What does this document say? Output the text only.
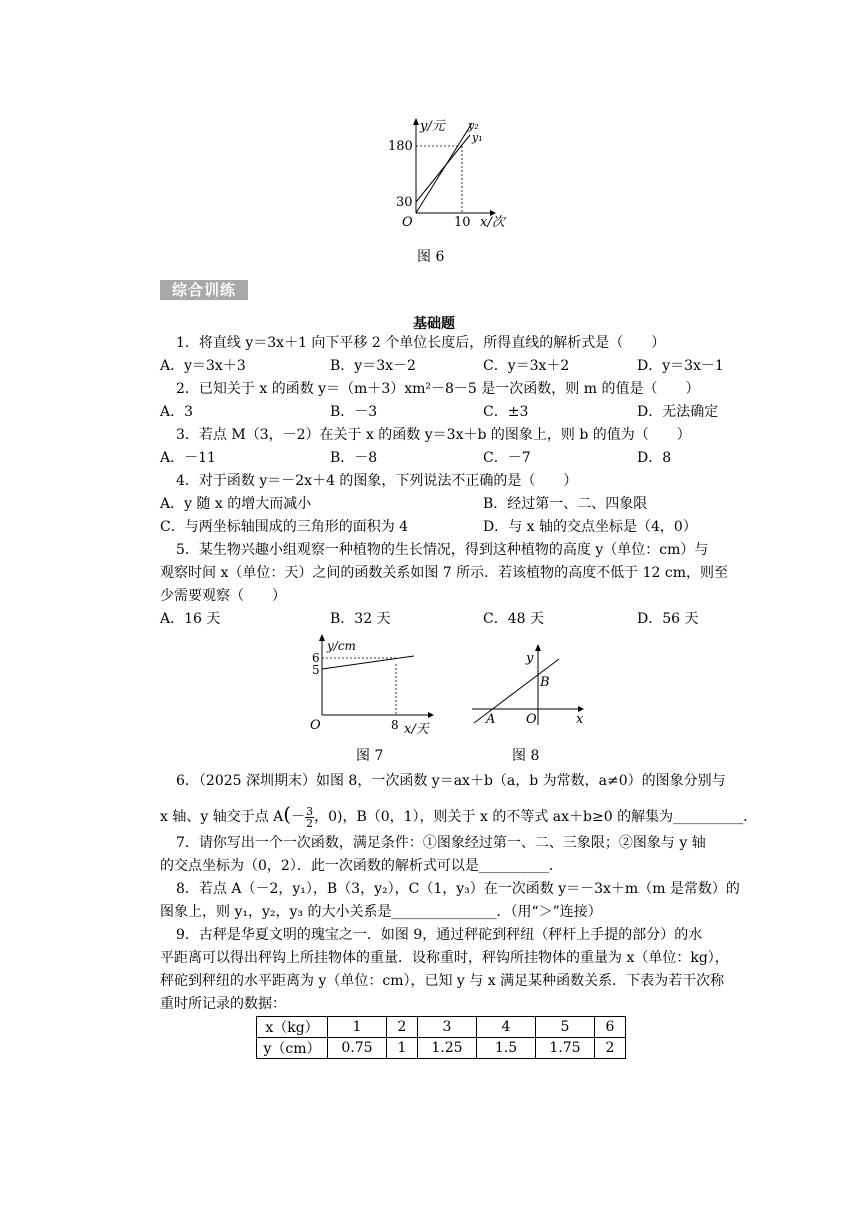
y/元 y₂
y₁
180
30
O	10 x/次
图 6
综合训练
基础题
1．将直线 y＝3x＋1 向下平移 2 个单位长度后，所得直线的解析式是（　　）
A．y＝3x＋3	B．y＝3x－2	C．y＝3x＋2	D．y＝3x－1
2．已知关于 x 的函数 y＝（m＋3）xm²－8－5 是一次函数，则 m 的值是（　　）
A．3	B．－3	C．±3	D．无法确定
3．若点 M（3，－2）在关于 x 的函数 y＝3x＋b 的图象上，则 b 的值为（　　）
A．－11	B．－8	C．－7	D．8
4．对于函数 y＝－2x＋4 的图象，下列说法不正确的是（　　）
A．y 随 x 的增大而减小	B．经过第一、二、四象限
C．与两坐标轴围成的三角形的面积为 4	D．与 x 轴的交点坐标是（4，0）
5．某生物兴趣小组观察一种植物的生长情况，得到这种植物的高度 y（单位：cm）与
观察时间 x（单位：天）之间的函数关系如图 7 所示．若该植物的高度不低于 12 cm，则至
少需要观察（　　）
A．16 天	B．32 天	C．48 天	D．56 天
y/cm
6
5
O	8 x/天
图 7
y
B
A O	x
图 8
6．（2025 深圳期末）如图 8，一次函数 y＝ax＋b（a，b 为常数，a≠0）的图象分别与
x 轴、y 轴交于点 $A(- \frac{3}{2}$ ，0)，B（0，1），则关于 x 的不等式 ax＋b≥0 的解集为__________．
7．请你写出一个一次函数，满足条件：①图象经过第一、二、三象限；②图象与 y 轴
的交点坐标为（0，2）．此一次函数的解析式可以是__________．
8．若点 A（－2，y₁），B（3，y₂），C（1，y₃）在一次函数 y＝－3x＋m（m 是常数）的
图象上，则 y₁，y₂，y₃ 的大小关系是_______________．（用“＞”连接）
9．古秤是华夏文明的瑰宝之一．如图 9，通过秤砣到秤纽（秤杆上手提的部分）的水
平距离可以得出秤钩上所挂物体的重量．设称重时，秤钩所挂物体的重量为 x（单位：kg），
秤砣到秤纽的水平距离为 y（单位：cm），已知 y 与 x 满足某种函数关系．下表为若干次称
重时所记录的数据：
x（kg）	1	2	3	4	5	6
y（cm）	0.75	1	1.25	1.5	1.75	2
